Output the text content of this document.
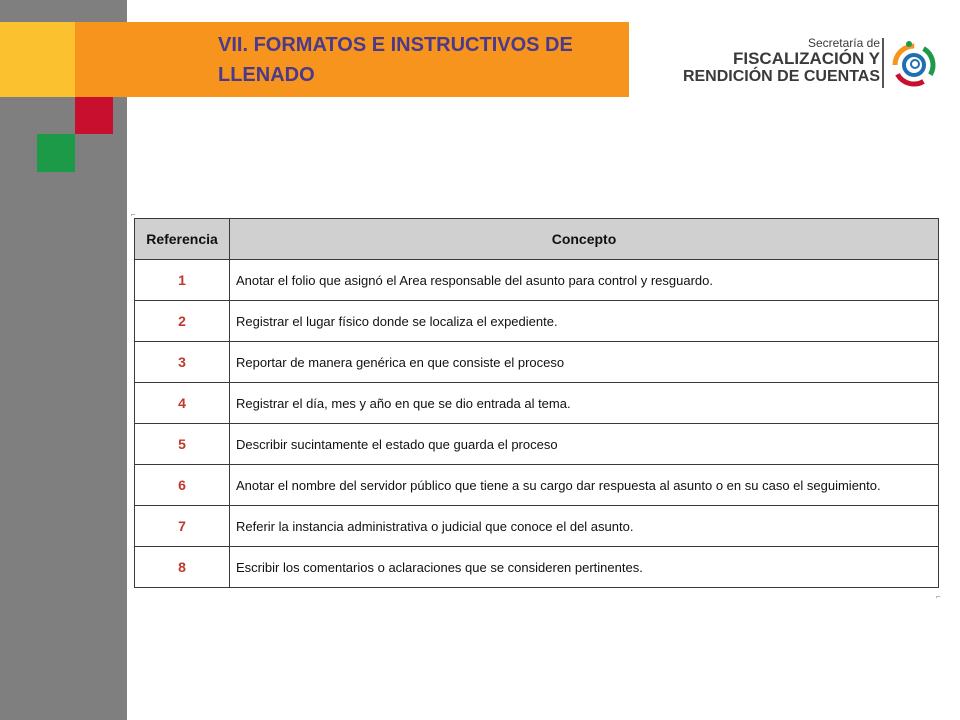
VII. FORMATOS E INSTRUCTIVOS DE LLENADO
Secretaría de
FISCALIZACIÓN Y
RENDICIÓN DE CUENTAS
⌐
⌐
Referencia	Concepto
1	Anotar el folio que asignó el Area responsable del asunto para control y resguardo.
2	Registrar el lugar físico donde se localiza el expediente.
3	Reportar de manera genérica en que consiste el proceso
4	Registrar el día, mes y año en que se dio entrada al tema.
5	Describir sucintamente el estado que guarda el proceso
6	Anotar el nombre del servidor público que tiene a su cargo dar respuesta al asunto o en su caso el seguimiento.
7	Referir la instancia administrativa o judicial que conoce el del asunto.
8	Escribir los comentarios o aclaraciones que se consideren pertinentes.
